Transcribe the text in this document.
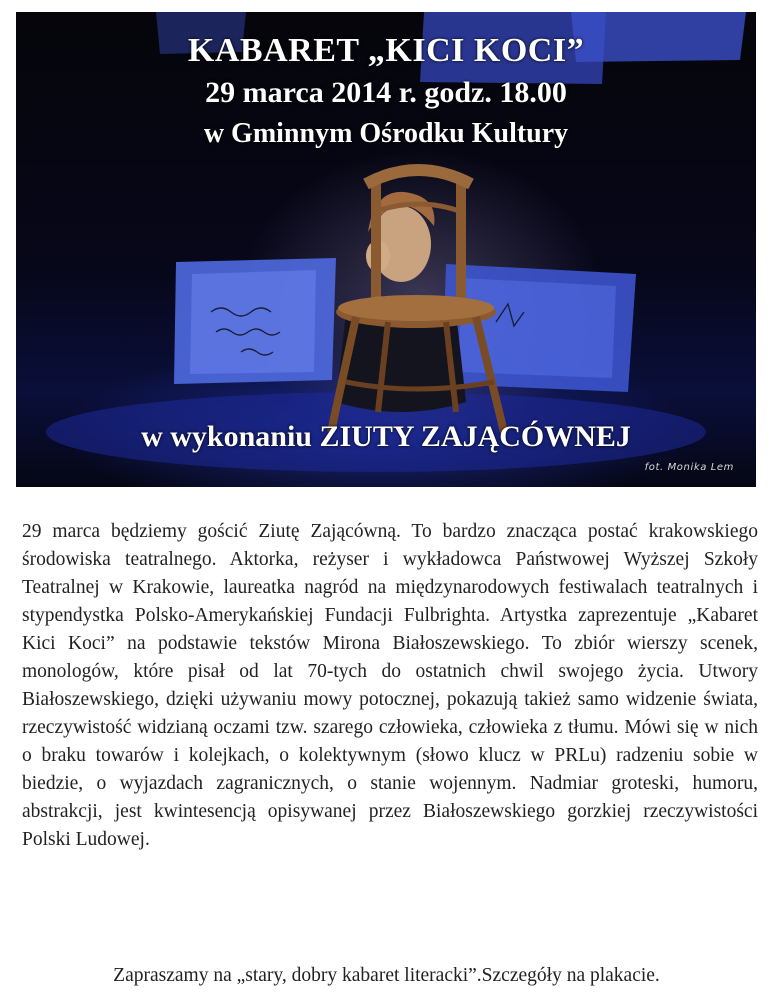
KABARET „KICI KOCI”
29 marca 2014 r. godz. 18.00
w Gminnym Ośrodku Kultury
w wykonaniu ZIUTY ZAJĄCÓWNEJ
fot. Monika Lem
29 marca będziemy gościć Ziutę Zającówną. To bardzo znacząca postać krakowskiego środowiska teatralnego. Aktorka, reżyser i wykładowca Państwowej Wyższej Szkoły Teatralnej w Krakowie, laureatka nagród na międzynarodowych festiwalach teatralnych i stypendystka Polsko-Amerykańskiej Fundacji Fulbrighta. Artystka zaprezentuje „Kabaret Kici Koci” na podstawie tekstów Mirona Białoszewskiego. To zbiór wierszy scenek, monologów, które pisał od lat 70-tych do ostatnich chwil swojego życia. Utwory Białoszewskiego, dzięki używaniu mowy potocznej, pokazują takież samo widzenie świata, rzeczywistość widzianą oczami tzw. szarego człowieka, człowieka z tłumu. Mówi się w nich o braku towarów i kolejkach, o kolektywnym (słowo klucz w PRLu) radzeniu sobie w biedzie, o wyjazdach zagranicznych, o stanie wojennym. Nadmiar groteski, humoru, abstrakcji, jest kwintesencją opisywanej przez Białoszewskiego gorzkiej rzeczywistości Polski Ludowej.
Zapraszamy na „stary, dobry kabaret literacki”.Szczegóły na plakacie.
